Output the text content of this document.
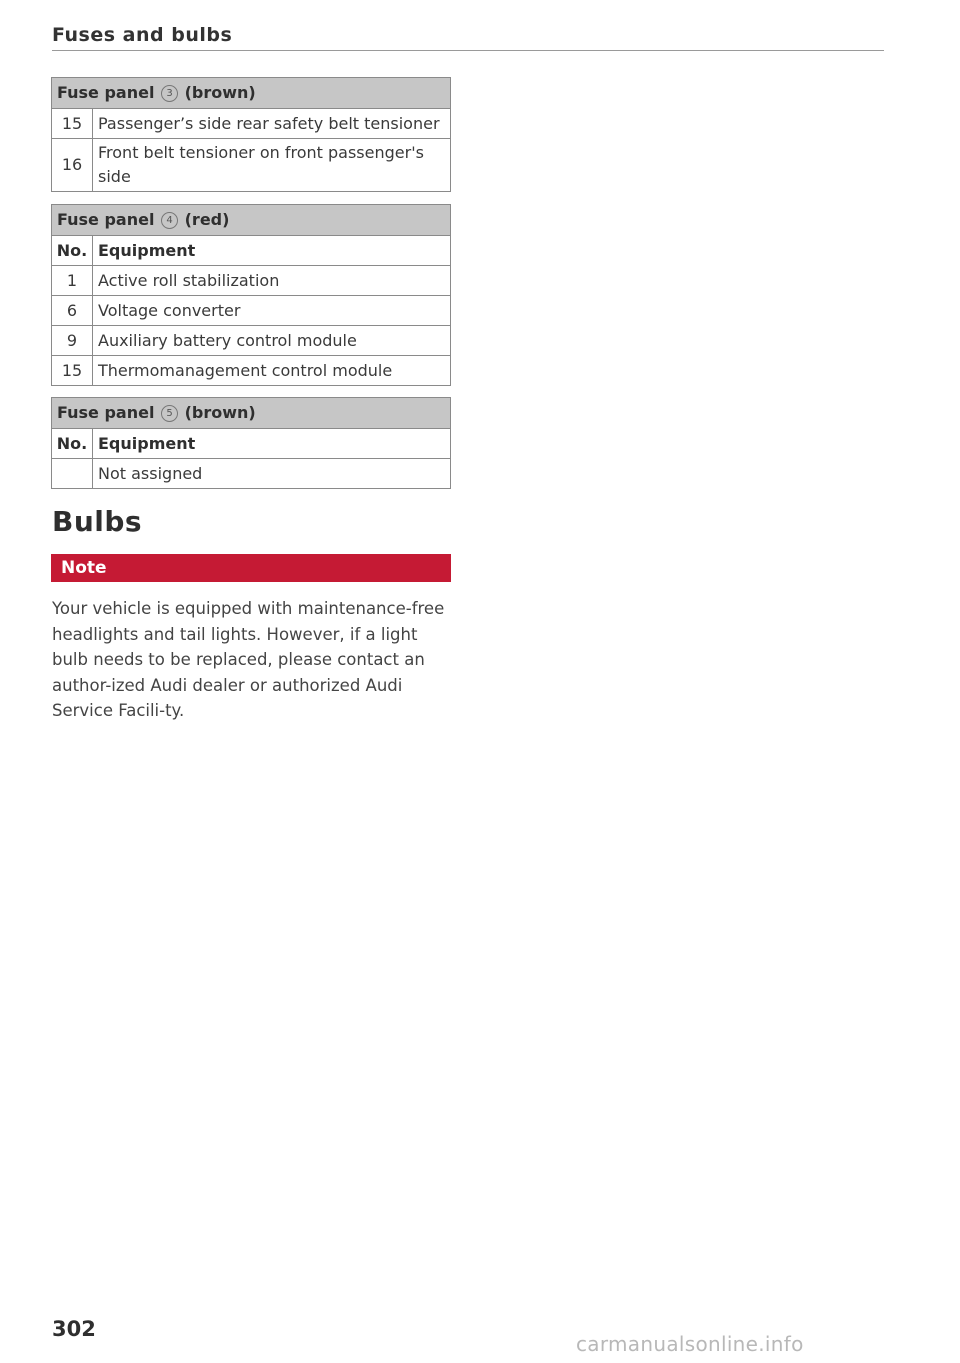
Fuses and bulbs
Fuse panel 3 (brown)	
15	Passenger’s side rear safety belt tensioner
16	Front belt tensioner on front passenger's side
Fuse panel 4 (red)	
No.	Equipment
1	Active roll stabilization
6	Voltage converter
9	Auxiliary battery control module
15	Thermomanagement control module
Fuse panel 5 (brown)	
No.	Equipment
	Not assigned
Bulbs
Note

Your vehicle is equipped with maintenance-free headlights and tail lights. However, if a light bulb needs to be replaced, please contact an author-ized Audi dealer or authorized Audi Service Facili-ty.

302
carmanualsonline.info
